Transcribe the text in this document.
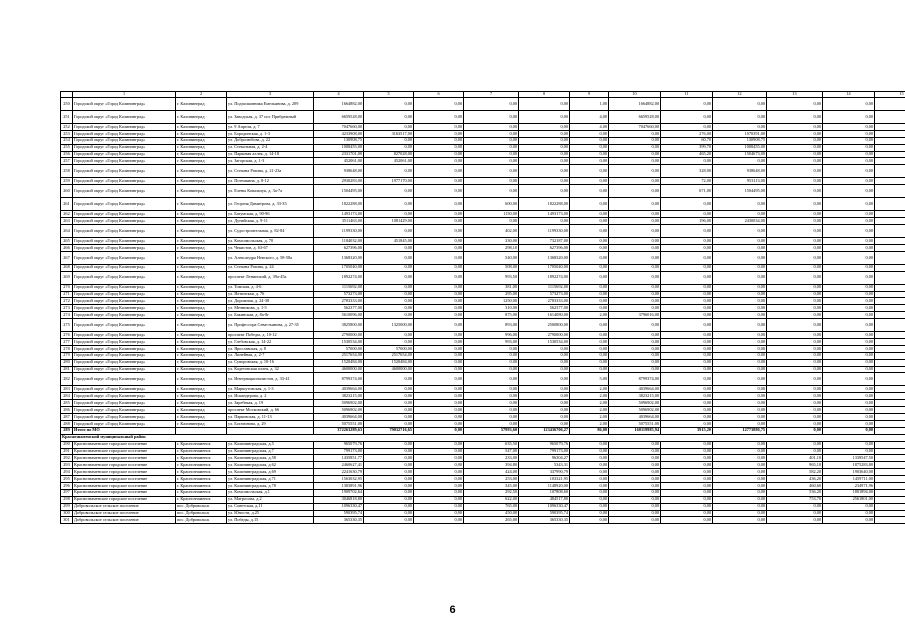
	1	2	3	4	5	6	7	8	9	10	11	12	13	14	15
250	Городской округ «Город Калининград»	г. Калининград	ул. Подполковника Емельянова, д. 209	1664882,00	0,00	0,00	0,00	0,00	1,00	1664882,00	0,00	0,00	0,00	0,00	
251	Городской округ «Город Калининград»	г. Калининград	ул. Заводская, д. 37 пос Прибрежный	6659528,00	0,00	0,00	0,00	0,00	4,00	6659528,00	0,00	0,00	0,00	0,00	
252	Городской округ «Город Калининград»	г. Калининград	ул. 9 Апреля, д. 7	7047660,00	0,00	0,00	0,00	0,00	4,00	7047660,00	0,00	0,00	0,00	0,00	
253	Городской округ «Город Калининград»	г. Калининград	ул. Бородинская, д. 1-3	4233908,00	3163517,00	0,00	0,00	0,00	0,00	0,00	276,00	1070391,00	0,00	0,00	
254	Городской округ «Город Калининград»	г. Калининград	ул. Добролюбова, д. 22	130908,75	0,00	0,00	0,00	0,00	0,00	0,00	60,70	130908,75	0,00	0,00	
255	Городской округ «Город Калининград»	г. Калининград	ул. Стекольная, д. 2-4	1008455,00	0,00	0,00	0,00	0,00	0,00	0,00	399,70	1008455,00	0,00	0,00	
256	Городской округ «Город Калининград»	г. Калининград	ул. Парковая аллея, д. 14-18	2331701,00	827028,00	0,00	0,00	0,00	0,00	0,00	465,20	1504673,00	0,00	0,00	
257	Городской округ «Город Калининград»	г. Калининград	ул. Загорская, д. 1-3	452061,00	452061,00	0,00	0,00	0,00	0,00	0,00	0,00	0,00	0,00	0,00	
258	Городской округ «Город Калининград»	г. Калининград	ул. Степана Разина, д. 21-23а	938648,00	0,00	0,00	0,00	0,00	0,00	0,00	328,00	938648,00	0,00	0,00	
259	Городской округ «Город Калининград»	г. Калининград	ул. Потемкина, д. 8-12	2930283,00	1977170,00	0,00	0,00	0,00	0,00	0,00	72,00	953113,00	0,00	0,00	
260	Городской округ «Город Калининград»	г. Калининград	ул. Елены Ковальчук, д. 3а-7а	1504495,00	0,00	0,00	0,00	0,00	0,00	0,00	671,00	1504495,00	0,00	0,00	
261	Городской округ «Город Калининград»	г. Калининград	ул. Георгия Димитрова, д. 33-35	1822288,00	0,00	0,00	600,00	1822288,00	0,00	0,00	0,00	0,00	0,00	0,00	
262	Городской округ «Город Калининград»	г. Калининград	ул. Батумская, д. 90-96	1493173,00	0,00	0,00	1150,00	1493173,00	0,00	0,00	0,00	0,00	0,00	0,00	
263	Городской округ «Город Калининград»	г. Калининград	ул. Дунайская, д. 9-11	3511463,00	1081429,00	0,00	0,00	0,00	0,00	0,00	196,00	2430034,00	0,00	0,00	
264	Городской округ «Город Калининград»	г. Калининград	ул. Судостроительная, д. 82-84	1199330,00	0,00	0,00	402,00	1199330,00	0,00	0,00	0,00	0,00	0,00	0,00	
265	Городской округ «Город Калининград»	г. Калининград	ул. Комсомольская, д. 70	1184032,00	451845,00	0,00	330,00	732187,00	0,00	0,00	0,00	0,00	0,00	0,00	
266	Городской округ «Город Калининград»	г. Калининград	ул. Чекистов, д. 63-67	627396,00	0,00	0,00	298,10	627396,00	0,00	0,00	0,00	0,00	0,00	0,00	
267	Городской округ «Город Калининград»	г. Калининград	ул. Александра Невского, д. 58-58а	1368320,00	0,00	0,00	540,00	1368320,00	0,00	0,00	0,00	0,00	0,00	0,00	
268	Городской округ «Город Калининград»	г. Калининград	ул. Степана Разина, д. 24	1705040,00	0,00	0,00	508,00	1705040,00	0,00	0,00	0,00	0,00	0,00	0,00	
269	Городской округ «Город Калининград»	г. Калининград	проспект Ленинский, д. 39а-45а	1892274,00	0,00	0,00	993,50	1892274,00	0,00	0,00	0,00	0,00	0,00	0,00	
270	Городской округ «Город Калининград»	г. Калининград	ул. Томская, д. 4-6	1115692,00	0,00	0,00	381,00	1115692,00	0,00	0,00	0,00	0,00	0,00	0,00	
271	Городской округ «Город Калининград»	г. Калининград	ул. Ялтинская, д. 76	573273,00	0,00	0,00	295,00	573273,00	0,00	0,00	0,00	0,00	0,00	0,00	
272	Городской округ «Город Калининград»	г. Калининград	ул. Дорожная, д. 24-38	2783333,00	0,00	0,00	1250,00	2783333,00	0,00	0,00	0,00	0,00	0,00	0,00	
273	Городской округ «Город Калининград»	г. Калининград	ул. Мечникова, д. 1-5	562377,00	0,00	0,00	310,00	562377,00	0,00	0,00	0,00	0,00	0,00	0,00	
274	Городской округ «Город Калининград»	г. Калининград	ул. Бакинская, д. 8а-8г	5610096,00	0,00	0,00	875,00	1614080,00	2,00	3796016,00	0,00	0,00	0,00	0,00	
275	Городской округ «Город Калининград»	г. Калининград	ул. Профессора Севастьянова, д. 27-35	3825800,00	1325000,00	0,00	893,00	2500800,00	0,00	0,00	0,00	0,00	0,00	0,00	
276	Городской округ «Город Калининград»	г. Калининград	проспект Победы, д. 10-12	2790000,00	0,00	0,00	996,00	2790000,00	0,00	0,00	0,00	0,00	0,00	0,00	
277	Городской округ «Город Калининград»	г. Калининград	ул. Глебовская, д. 14-22	1530534,00	0,00	0,00	993,00	1530534,00	0,00	0,00	0,00	0,00	0,00	0,00	
278	Городской округ «Город Калининград»	г. Калининград	ул. Ярославская, д. 8	57000,00	57000,00	0,00	0,00	0,00	0,00	0,00	0,00	0,00	0,00	0,00	
279	Городской округ «Город Калининград»	г. Калининград	ул. Линейная, д. 2-7	2517654,00	2517654,00	0,00	0,00	0,00	0,00	0,00	0,00	0,00	0,00	0,00	
280	Городской округ «Город Калининград»	г. Калининград	ул. Суворовская, д. 10-16	1520484,00	1520484,00	0,00	0,00	0,00	0,00	0,00	0,00	0,00	0,00	0,00	
281	Городской округ «Город Калининград»	г. Калининград	ул. Кадетовская аллея, д. 32	4600000,00	4600000,00	0,00	0,00	0,00	0,00	0,00	0,00	0,00	0,00	0,00	
282	Городской округ «Город Калининград»	г. Калининград	ул. Интернационалистов, д. 33-41	8799374,00	0,00	0,00	0,00	0,00	5,00	8799374,00	0,00	0,00	0,00	0,00	
283	Городской округ «Город Калининград»	г. Калининград	ул. Маршутовская, д. 1-3	4039664,00	0,00	0,00	0,00	0,00	2,00	4039664,00	0,00	0,00	0,00	0,00	
284	Городской округ «Город Калининград»	г. Калининград	ул. Искандерова, д. 2	3823215,00	0,00	0,00	0,00	0,00	2,00	3823215,00	0,00	0,00	0,00	0,00	
285	Городской округ «Город Калининград»	г. Калининград	ул. Заребекая, д. 19	5096902,00	0,00	0,00	0,00	0,00	2,00	5096902,00	0,00	0,00	0,00	0,00	
286	Городской округ «Город Калининград»	г. Калининград	проспект Московский, д. 66	5096902,00	0,00	0,00	0,00	0,00	2,00	5096902,00	0,00	0,00	0,00	0,00	
287	Городской округ «Город Калининград»	г. Калининград	ул. Парковская, д. 11-13	4039664,00	0,00	0,00	0,00	0,00	2,00	4039664,00	0,00	0,00	0,00	0,00	
288	Городской округ «Город Калининград»	г. Калининград	ул. Богатинова, д. 29	5075551,00	0,00	0,00	0,00	0,00	2,00	5075551,00	0,00	0,00	0,00	0,00	
289	Итого по МО			372263289,63	79032716,65	0,00	57993,60	123436706,27	86,00	160119985,94	3915,20	12773880,75	0,00	0,00	
Краснознаменский муниципальный район															
290	Краснознаменское городское поселение	г. Краснознаменск	ул. Калининградская, д.5	965079,76	0,00	0,00	635,50	965079,76	0,00	0,00	0,00	0,00	0,00	0,00	
291	Краснознаменское городское поселение	г. Краснознаменск	ул. Калининградская, д.7	799173,00	0,00	0,00	547,00	799173,00	0,00	0,00	0,00	0,00	0,00	0,00	
292	Краснознаменское городское поселение	г. Краснознаменск	ул. Калининградская, д.58	1435851,77	0,00	0,00	233,00	96304,27	0,00	0,00	0,00	0,00	401,10	1339547,50	
293	Краснознаменское городское поселение	г. Краснознаменск	ул. Калининградская, д.62	2460627,41	0,00	0,00	394,80	5343,31	0,00	0,00	0,00	0,00	965,10	1875283,80	
294	Краснознаменское городское поселение	г. Краснознаменск	ул. Калининградская, д.69	2241630,79	0,00	0,00	424,00	337990,79	0,00	0,00	0,00	0,00	582,20	1903640,00	
295	Краснознаменское городское поселение	г. Краснознаменск	ул. Калининградская, д.71	1563032,95	0,00	0,00	253,00	103321,95	0,00	0,00	0,00	0,00	436,20	1459711,00	
296	Краснознаменское городское поселение	г. Краснознаменск	ул. Калининградская, д.78	1383891,96	0,00	0,00	345,00	1148920,00	0,00	0,00	0,00	0,00	460,60	234971,96	
297	Краснознаменское городское поселение	г. Краснознаменск	ул. Комсомольская, д.1	1909702,64	0,00	0,00	292,50	107808,60	0,00	0,00	0,00	0,00	536,20	1801894,00	
298	Краснознаменское городское поселение	г. Краснознаменск	ул. Матросова, д.2	3046818,80	0,00	0,00	622,00	484517,80	0,00	0,00	0,00	0,00	753,70	2561801,00	
299	Добровольское сельское поселение	пос. Добровольск	ул. Советская, д.11	1096330,47	0,00	0,00	765,00	1096330,47	0,00	0,00	0,00	0,00	0,00	0,00	
300	Добровольское сельское поселение	пос. Добровольск	ул. Юности, д.25	590395,74	0,00	0,00	450,00	590395,74	0,00	0,00	0,00	0,00	0,00	0,00	
301	Добровольское сельское поселение	пос. Добровольск	ул. Победы, д.15	365330,35	0,00	0,00	265,00	365330,35	0,00	0,00	0,00	0,00	0,00	0,00	
6
